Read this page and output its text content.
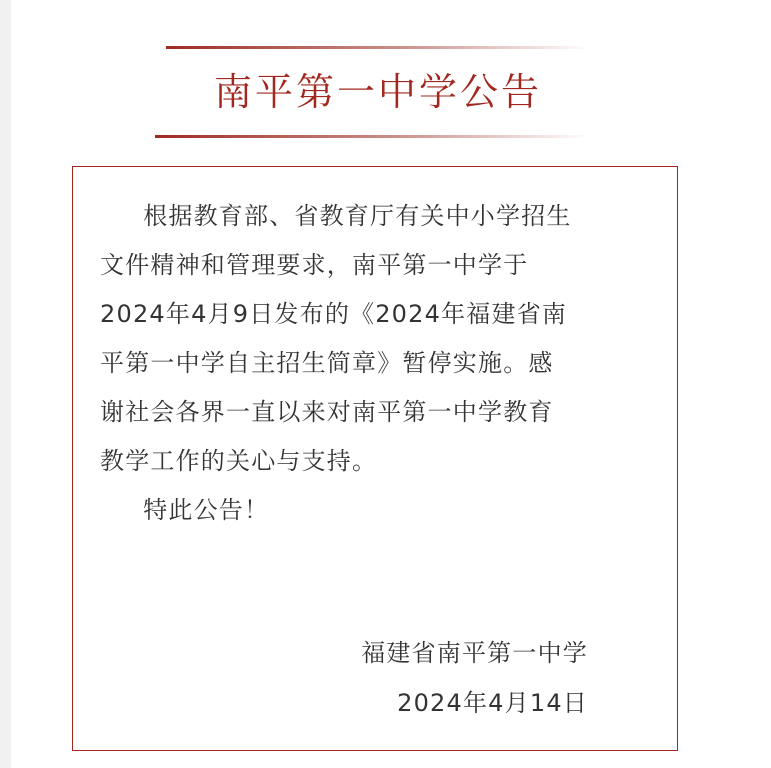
南平第一中学公告
　根据教育部、省教育厅有关中小学招生
文件精神和管理要求，南平第一中学于
2024年4月9日发布的《2024年福建省南
平第一中学自主招生简章》暂停实施。感
谢社会各界一直以来对南平第一中学教育
教学工作的关心与支持。
　特此公告！
福建省南平第一中学
2024年4月14日
